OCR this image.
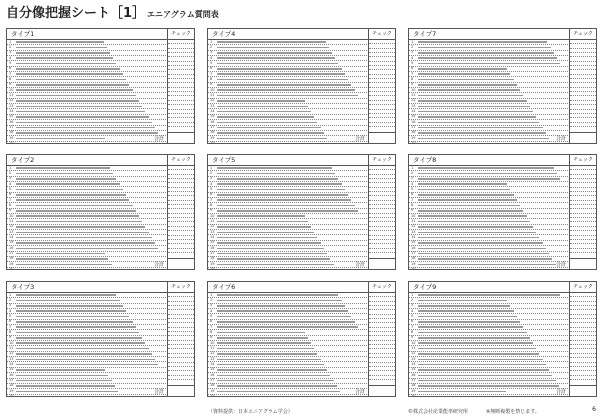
自分像把握シート［1］ エニアグラム質問表
タイプ1	チェック
1
2
3
4
5
6
7
8
9
10
11
12
13
14
15
16
17
18
19
20
合計
タイプ4	チェック
1
2
3
4
5
6
7
8
9
10
11
12
13
14
15
16
17
18
19
20
合計
タイプ7	チェック
1
2
3
4
5
6
7
8
9
10
11
12
13
14
15
16
17
18
19
20
合計
タイプ2	チェック
1
2
3
4
5
6
7
8
9
10
11
12
13
14
15
16
17
18
19
20
合計
タイプ5	チェック
1
2
3
4
5
6
7
8
9
10
11
12
13
14
15
16
17
18
19
20
合計
タイプ8	チェック
1
2
3
4
5
6
7
8
9
10
11
12
13
14
15
16
17
18
19
20
合計
タイプ3	チェック
1
2
3
4
5
6
7
8
9
10
11
12
13
14
15
16
17
18
19
20
合計
タイプ6	チェック
1
2
3
4
5
6
7
8
9
10
11
12
13
14
15
16
17
18
19
20
合計
タイプ9	チェック
1
2
3
4
5
6
7
8
9
10
11
12
13
14
15
16
17
18
19
20
合計
（資料提供：日本エニアグラム学会）	©株式会社産業能率研究所	※無断複製を禁じます。	6
